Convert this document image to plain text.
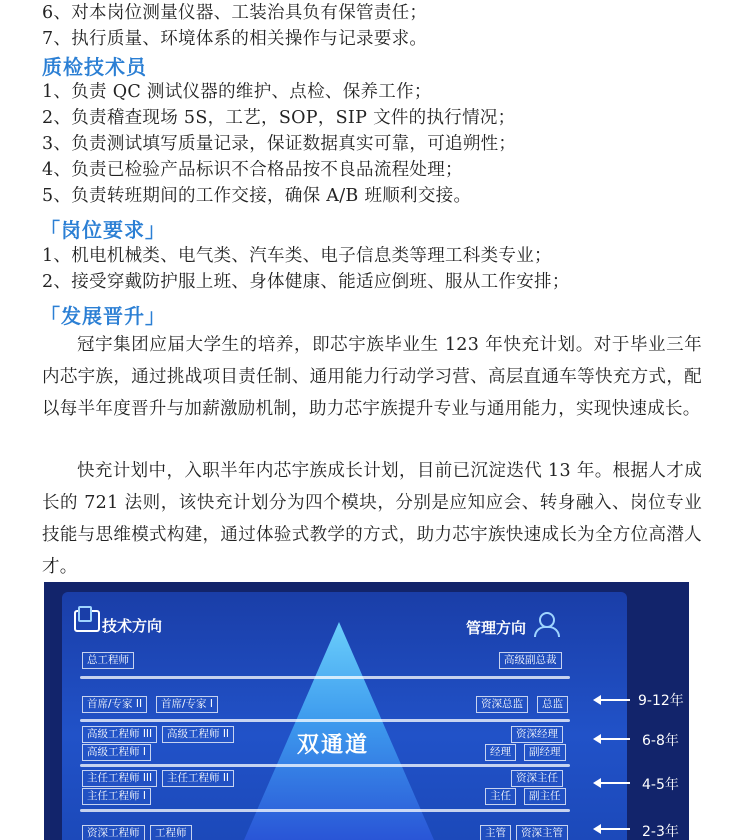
6、对本岗位测量仪器、工装治具负有保管责任；
7、执行质量、环境体系的相关操作与记录要求。
质检技术员
1、负责 QC 测试仪器的维护、点检、保养工作；
2、负责稽查现场 5S，工艺，SOP，SIP 文件的执行情况；
3、负责测试填写质量记录，保证数据真实可靠，可追朔性；
4、负责已检验产品标识不合格品按不良品流程处理；
5、负责转班期间的工作交接，确保 A/B 班顺利交接。
「岗位要求」
1、机电机械类、电气类、汽车类、电子信息类等理工科类专业；
2、接受穿戴防护服上班、身体健康、能适应倒班、服从工作安排；
「发展晋升」
冠宇集团应届大学生的培养，即芯宇族毕业生 123 年快充计划。对于毕业三年内芯宇族，通过挑战项目责任制、通用能力行动学习营、高层直通车等快充方式，配以每半年度晋升与加薪激励机制，助力芯宇族提升专业与通用能力，实现快速成长。
快充计划中，入职半年内芯宇族成长计划，目前已沉淀迭代 13 年。根据人才成长的 721 法则，该快充计划分为四个模块，分别是应知应会、转身融入、岗位专业技能与思维模式构建，通过体验式教学的方式，助力芯宇族快速成长为全方位高潜人才。
技术方向	管理方向
总工程师	高级副总裁
首席/专家 II	首席/专家 I	资深总监	总监
高级工程师 III	高级工程师 II
高级工程师 I
资深经理
经理	副经理
主任工程师 III	主任工程师 II
主任工程师 I
资深主任
主任	副主任
资深工程师	工程师	主管	资深主管
双通道
9-12年
6-8年
4-5年
2-3年
